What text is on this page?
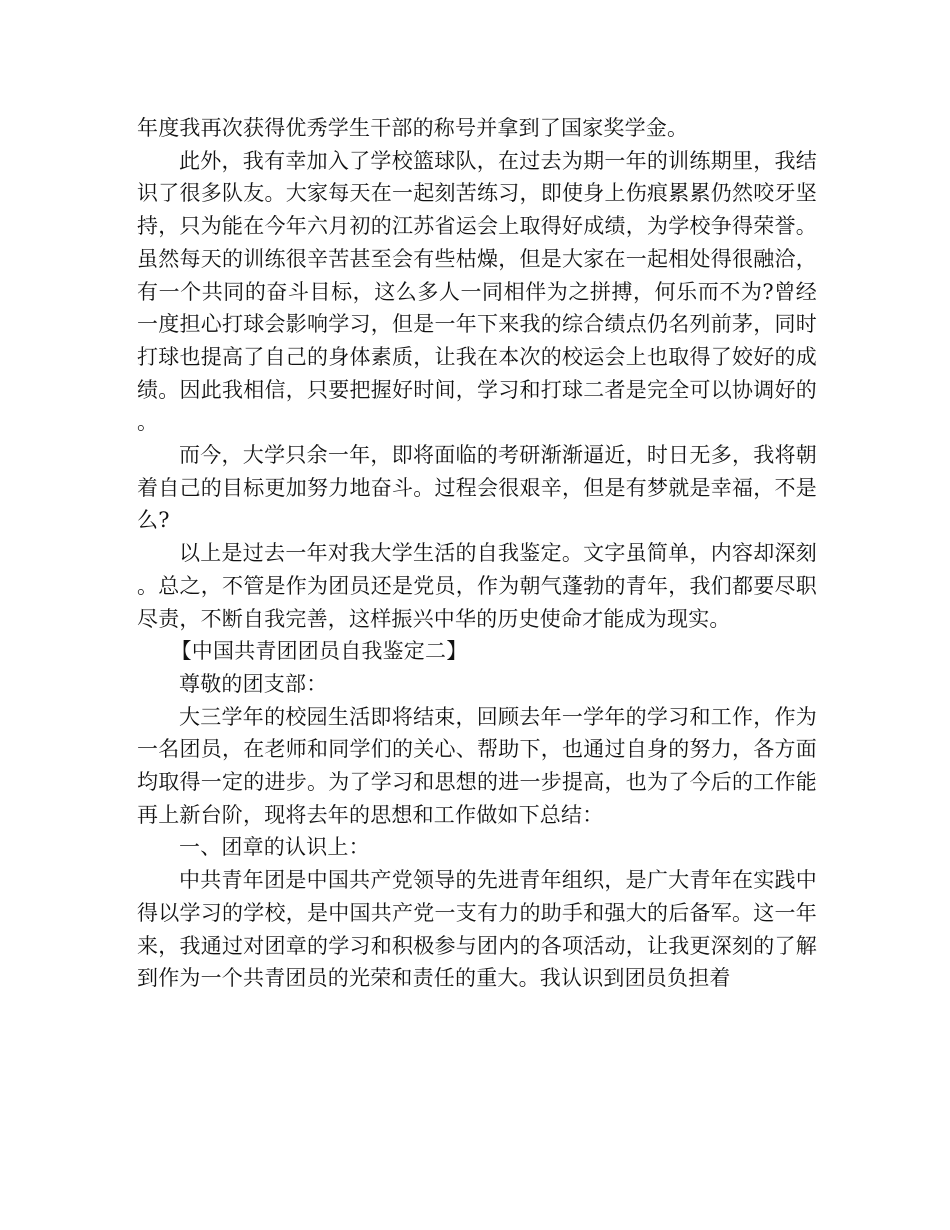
年度我再次获得优秀学生干部的称号并拿到了国家奖学金。

此外，我有幸加入了学校篮球队，在过去为期一年的训练期里，我结识了很多队友。大家每天在一起刻苦练习，即使身上伤痕累累仍然咬牙坚持，只为能在今年六月初的江苏省运会上取得好成绩，为学校争得荣誉。虽然每天的训练很辛苦甚至会有些枯燥，但是大家在一起相处得很融洽，有一个共同的奋斗目标，这么多人一同相伴为之拼搏，何乐而不为?曾经一度担心打球会影响学习，但是一年下来我的综合绩点仍名列前茅，同时打球也提高了自己的身体素质，让我在本次的校运会上也取得了姣好的成绩。因此我相信，只要把握好时间，学习和打球二者是完全可以协调好的。

而今，大学只余一年，即将面临的考研渐渐逼近，时日无多，我将朝着自己的目标更加努力地奋斗。过程会很艰辛，但是有梦就是幸福，不是么?

以上是过去一年对我大学生活的自我鉴定。文字虽简单，内容却深刻。总之，不管是作为团员还是党员，作为朝气蓬勃的青年，我们都要尽职尽责，不断自我完善，这样振兴中华的历史使命才能成为现实。

【中国共青团团员自我鉴定二】

尊敬的团支部：

大三学年的校园生活即将结束，回顾去年一学年的学习和工作，作为一名团员，在老师和同学们的关心、帮助下，也通过自身的努力，各方面均取得一定的进步。为了学习和思想的进一步提高，也为了今后的工作能再上新台阶，现将去年的思想和工作做如下总结：

一、团章的认识上：

中共青年团是中国共产党领导的先进青年组织，是广大青年在实践中得以学习的学校，是中国共产党一支有力的助手和强大的后备军。这一年来，我通过对团章的学习和积极参与团内的各项活动，让我更深刻的了解到作为一个共青团员的光荣和责任的重大。我认识到团员负担着
